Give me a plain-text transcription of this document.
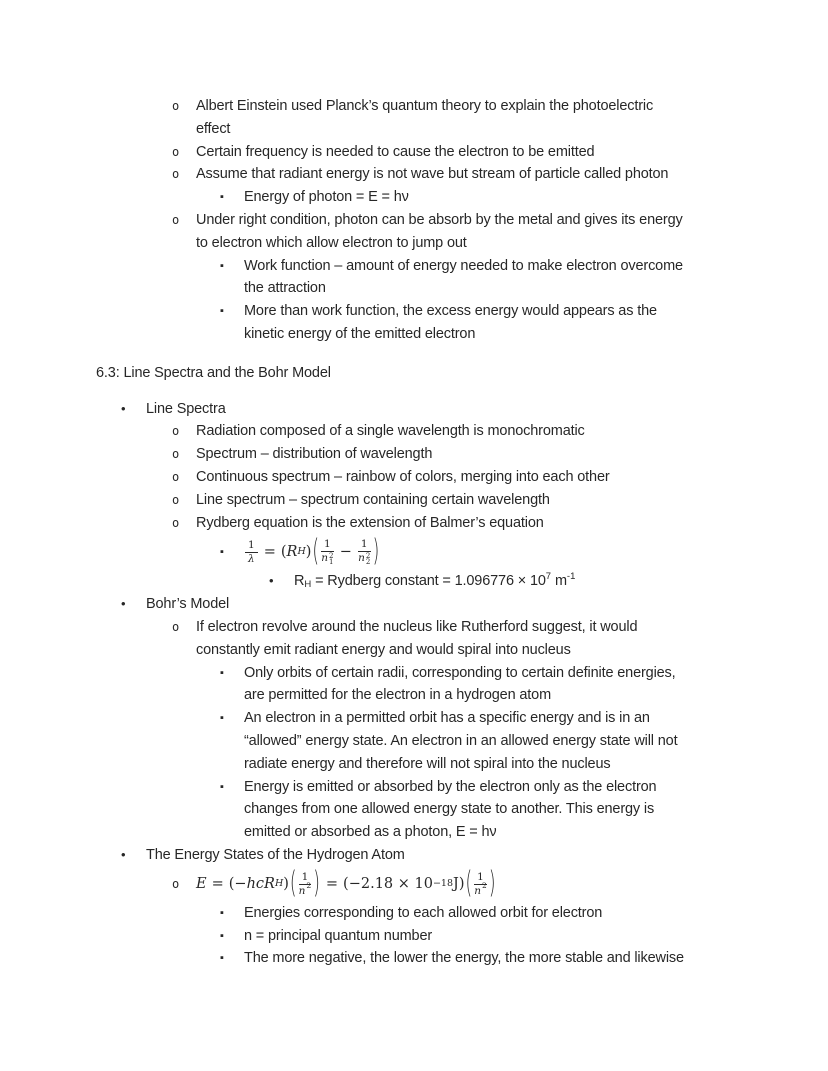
o	Albert Einstein used Planck’s quantum theory to explain the photoelectric
effect
o	Certain frequency is needed to cause the electron to be emitted
o	Assume that radiant energy is not wave but stream of particle called photon
▪	Energy of photon = E = hν
o	Under right condition, photon can be absorb by the metal and gives its energy
to electron which allow electron to jump out
▪	Work function – amount of energy needed to make electron overcome
the attraction
▪	More than work function, the excess energy would appears as the
kinetic energy of the emitted electron
6.3: Line Spectra and the Bohr Model
•	Line Spectra
o	Radiation composed of a single wavelength is monochromatic
o	Spectrum – distribution of wavelength
o	Continuous spectrum – rainbow of colors, merging into each other
o	Line spectrum – spectrum containing certain wavelength
o	Rydberg equation is the extension of Balmer’s equation
▪	$\frac{1}{\lambda}$ = ( R H ) ( 1
n 2
1 − 1
n 2
2 )
•	$R_H$ = Rydberg constant = $1.096776 \times 10^7$ $m^{-1}$
•	Bohr’s Model
o	If electron revolve around the nucleus like Rutherford suggest, it would
constantly emit radiant energy and would spiral into nucleus
▪	Only orbits of certain radii, corresponding to certain definite energies,
are permitted for the electron in a hydrogen atom
▪	An electron in a permitted orbit has a specific energy and is in an
“allowed” energy state. An electron in an allowed energy state will not
radiate energy and therefore will not spiral into the nucleus
▪	Energy is emitted or absorbed by the electron only as the electron
changes from one allowed energy state to another. This energy is
emitted or absorbed as a photon, E = hν
•	The Energy States of the Hydrogen Atom
o	E = (− hcR H ) ( $\frac{1}{n 2}$ ) = (−2.18 × 10 −18 J) ( $\frac{1}{n 2}$ )
▪	Energies corresponding to each allowed orbit for electron
▪	n = principal quantum number
▪	The more negative, the lower the energy, the more stable and likewise
